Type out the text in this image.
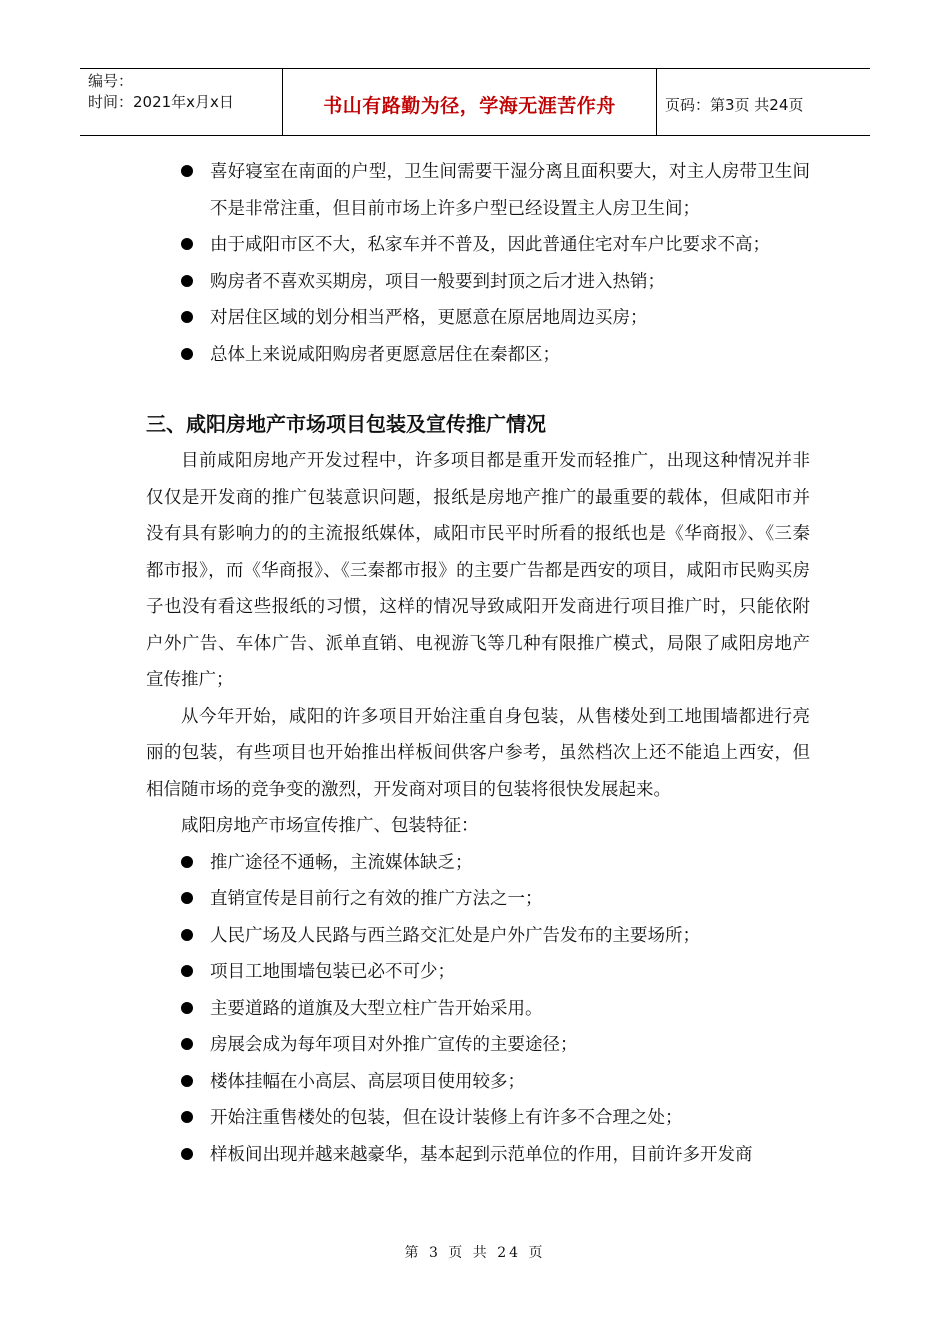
编号：
时间：2021年x月x日	书山有路勤为径，学海无涯苦作舟	页码：第3页 共24页
喜好寝室在南面的户型，卫生间需要干湿分离且面积要大，对主人房带卫生间不是非常注重，但目前市场上许多户型已经设置主人房卫生间；
由于咸阳市区不大，私家车并不普及，因此普通住宅对车户比要求不高；
购房者不喜欢买期房，项目一般要到封顶之后才进入热销；
对居住区域的划分相当严格，更愿意在原居地周边买房；
总体上来说咸阳购房者更愿意居住在秦都区；
三、咸阳房地产市场项目包装及宣传推广情况

目前咸阳房地产开发过程中，许多项目都是重开发而轻推广，出现这种情况并非仅仅是开发商的推广包装意识问题，报纸是房地产推广的最重要的载体，但咸阳市并没有具有影响力的的主流报纸媒体，咸阳市民平时所看的报纸也是《华商报》、《三秦都市报》，而《华商报》、《三秦都市报》的主要广告都是西安的项目，咸阳市民购买房子也没有看这些报纸的习惯，这样的情况导致咸阳开发商进行项目推广时，只能依附户外广告、车体广告、派单直销、电视游飞等几种有限推广模式，局限了咸阳房地产宣传推广；

从今年开始，咸阳的许多项目开始注重自身包装，从售楼处到工地围墙都进行亮丽的包装，有些项目也开始推出样板间供客户参考，虽然档次上还不能追上西安，但相信随市场的竞争变的激烈，开发商对项目的包装将很快发展起来。

咸阳房地产市场宣传推广、包装特征：

推广途径不通畅，主流媒体缺乏；
直销宣传是目前行之有效的推广方法之一；
人民广场及人民路与西兰路交汇处是户外广告发布的主要场所；
项目工地围墙包装已必不可少；
主要道路的道旗及大型立柱广告开始采用。
房展会成为每年项目对外推广宣传的主要途径；
楼体挂幅在小高层、高层项目使用较多；
开始注重售楼处的包装，但在设计装修上有许多不合理之处；
样板间出现并越来越豪华，基本起到示范单位的作用，目前许多开发商
第 3 页 共 24 页
